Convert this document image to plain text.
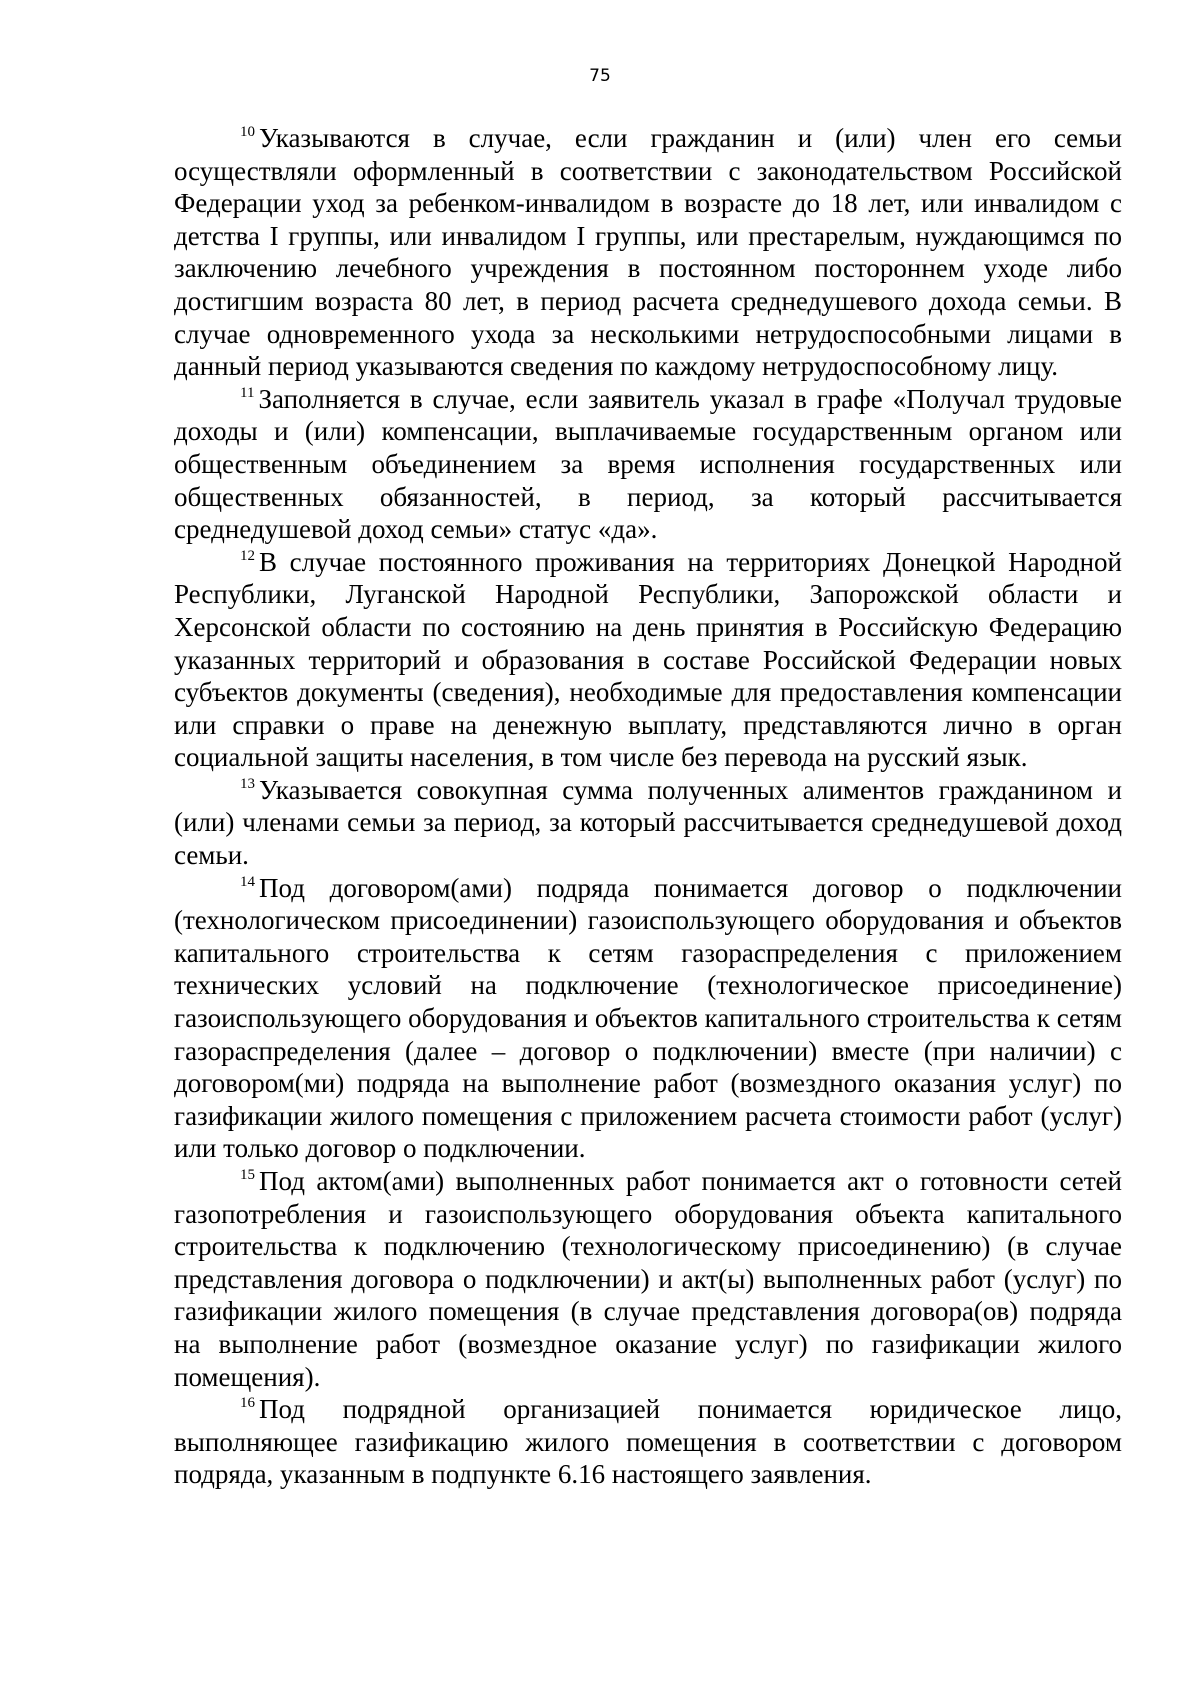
75

$^{10}$ Указываются в случае, если гражданин и (или) член его семьи осуществляли оформленный в соответствии с законодательством Российской Федерации уход за ребенком-инвалидом в возрасте до 18 лет, или инвалидом с детства I группы, или инвалидом I группы, или престарелым, нуждающимся по заключению лечебного учреждения в постоянном постороннем уходе либо достигшим возраста 80 лет, в период расчета среднедушевого дохода семьи. В случае одновременного ухода за несколькими нетрудоспособными лицами в данный период указываются сведения по каждому нетрудоспособному лицу.

$^{11}$ Заполняется в случае, если заявитель указал в графе «Получал трудовые доходы и (или) компенсации, выплачиваемые государственным органом или общественным объединением за время исполнения государственных или общественных обязанностей, в период, за который рассчитывается среднедушевой доход семьи» статус «да».

$^{12}$ В случае постоянного проживания на территориях Донецкой Народной Республики, Луганской Народной Республики, Запорожской области и Херсонской области по состоянию на день принятия в Российскую Федерацию указанных территорий и образования в составе Российской Федерации новых субъектов документы (сведения), необходимые для предоставления компенсации или справки о праве на денежную выплату, представляются лично в орган социальной защиты населения, в том числе без перевода на русский язык.

$^{13}$ Указывается совокупная сумма полученных алиментов гражданином и (или) членами семьи за период, за который рассчитывается среднедушевой доход семьи.

$^{14}$ Под договором(ами) подряда понимается договор о подключении (технологическом присоединении) газоиспользующего оборудования и объектов капитального строительства к сетям газораспределения с приложением технических условий на подключение (технологическое присоединение) газоиспользующего оборудования и объектов капитального строительства к сетям газораспределения (далее – договор о подключении) вместе (при наличии) с договором(ми) подряда на выполнение работ (возмездного оказания услуг) по газификации жилого помещения с приложением расчета стоимости работ (услуг) или только договор о подключении.

$^{15}$ Под актом(ами) выполненных работ понимается акт о готовности сетей газопотребления и газоиспользующего оборудования объекта капитального строительства к подключению (технологическому присоединению) (в случае представления договора о подключении) и акт(ы) выполненных работ (услуг) по газификации жилого помещения (в случае представления договора(ов) подряда на выполнение работ (возмездное оказание услуг) по газификации жилого помещения).

$^{16}$ Под подрядной организацией понимается юридическое лицо, выполняющее газификацию жилого помещения в соответствии с договором подряда, указанным в подпункте 6.16 настоящего заявления.
